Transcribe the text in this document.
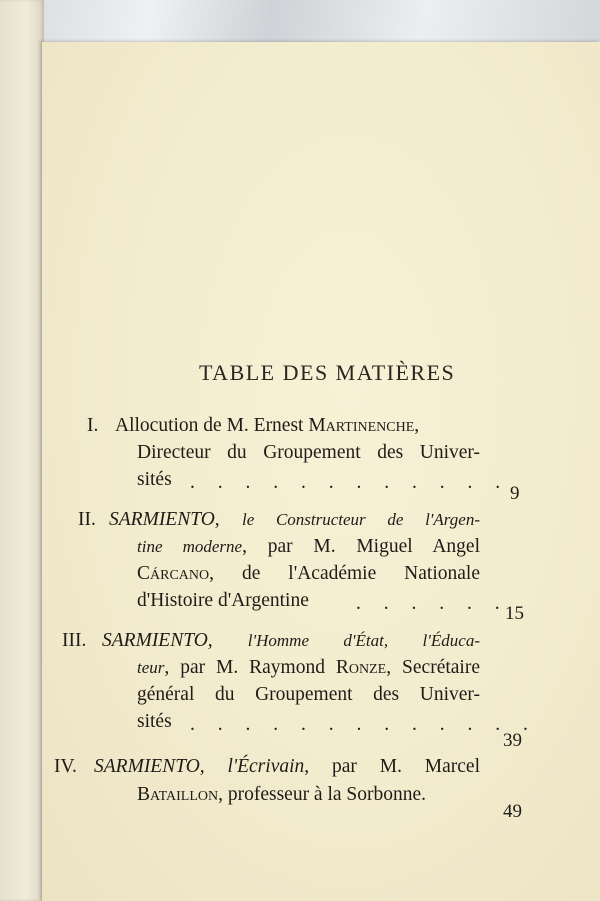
TABLE DES MATIÈRES
I. Allocution de M. Ernest Martinenche,
Directeur du Groupement des Univer-
sités . . . . . . . . . . . .
9
II. SARMIENTO, le Constructeur de l'Argen-
tine moderne, par M. Miguel Angel
Cárcano, de l'Académie Nationale
d'Histoire d'Argentine . . . . . .
15
III. SARMIENTO, l'Homme d'État, l'Éduca-
teur, par M. Raymond Ronze, Secrétaire
général du Groupement des Univer-
sités . . . . . . . . . . . . .
39
IV. SARMIENTO, l'Écrivain, par M. Marcel
Bataillon, professeur à la Sorbonne.
49
